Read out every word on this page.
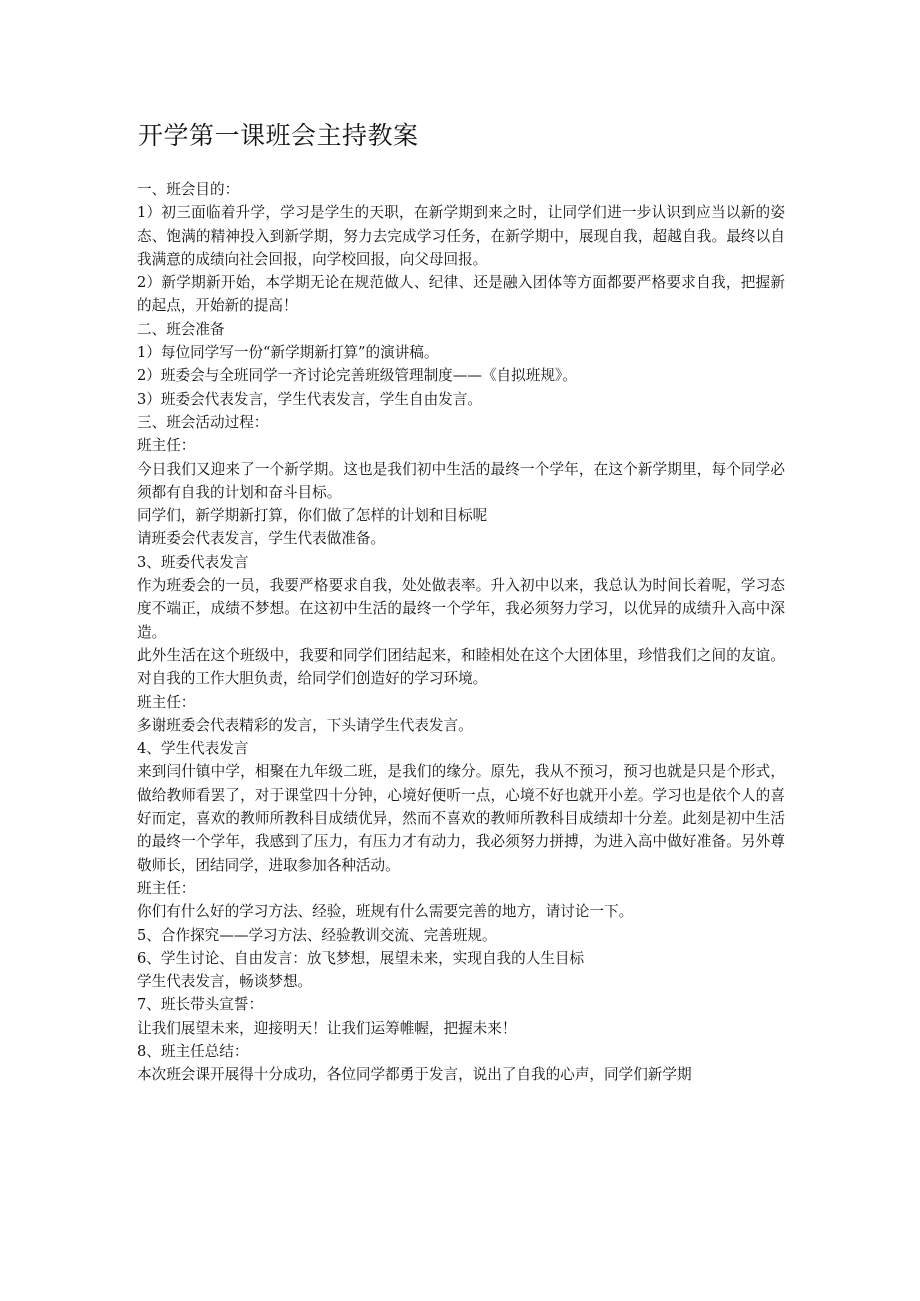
开学第一课班会主持教案

一、班会目的：

1）初三面临着升学，学习是学生的天职，在新学期到来之时，让同学们进一步认识到应当以新的姿态、饱满的精神投入到新学期，努力去完成学习任务，在新学期中，展现自我，超越自我。最终以自我满意的成绩向社会回报，向学校回报，向父母回报。

2）新学期新开始，本学期无论在规范做人、纪律、还是融入团体等方面都要严格要求自我，把握新的起点，开始新的提高！

二、班会准备

1）每位同学写一份“新学期新打算”的演讲稿。

2）班委会与全班同学一齐讨论完善班级管理制度——《自拟班规》。

3）班委会代表发言，学生代表发言，学生自由发言。

三、班会活动过程：

班主任：

今日我们又迎来了一个新学期。这也是我们初中生活的最终一个学年，在这个新学期里，每个同学必须都有自我的计划和奋斗目标。

同学们，新学期新打算，你们做了怎样的计划和目标呢

请班委会代表发言，学生代表做准备。

3、班委代表发言

作为班委会的一员，我要严格要求自我，处处做表率。升入初中以来，我总认为时间长着呢，学习态度不端正，成绩不梦想。在这初中生活的最终一个学年，我必须努力学习，以优异的成绩升入高中深造。

此外生活在这个班级中，我要和同学们团结起来，和睦相处在这个大团体里，珍惜我们之间的友谊。对自我的工作大胆负责，给同学们创造好的学习环境。

班主任：

多谢班委会代表精彩的发言，下头请学生代表发言。

4、学生代表发言

来到闫什镇中学，相聚在九年级二班，是我们的缘分。原先，我从不预习，预习也就是只是个形式，做给教师看罢了，对于课堂四十分钟，心境好便听一点，心境不好也就开小差。学习也是依个人的喜好而定，喜欢的教师所教科目成绩优异，然而不喜欢的教师所教科目成绩却十分差。此刻是初中生活的最终一个学年，我感到了压力，有压力才有动力，我必须努力拼搏，为进入高中做好准备。另外尊敬师长，团结同学，进取参加各种活动。

班主任：

你们有什么好的学习方法、经验，班规有什么需要完善的地方，请讨论一下。

5、合作探究——学习方法、经验教训交流、完善班规。

6、学生讨论、自由发言：放飞梦想，展望未来，实现自我的人生目标

学生代表发言，畅谈梦想。

7、班长带头宣誓：

让我们展望未来，迎接明天！让我们运筹帷幄，把握未来！

8、班主任总结：

本次班会课开展得十分成功，各位同学都勇于发言，说出了自我的心声，同学们新学期
